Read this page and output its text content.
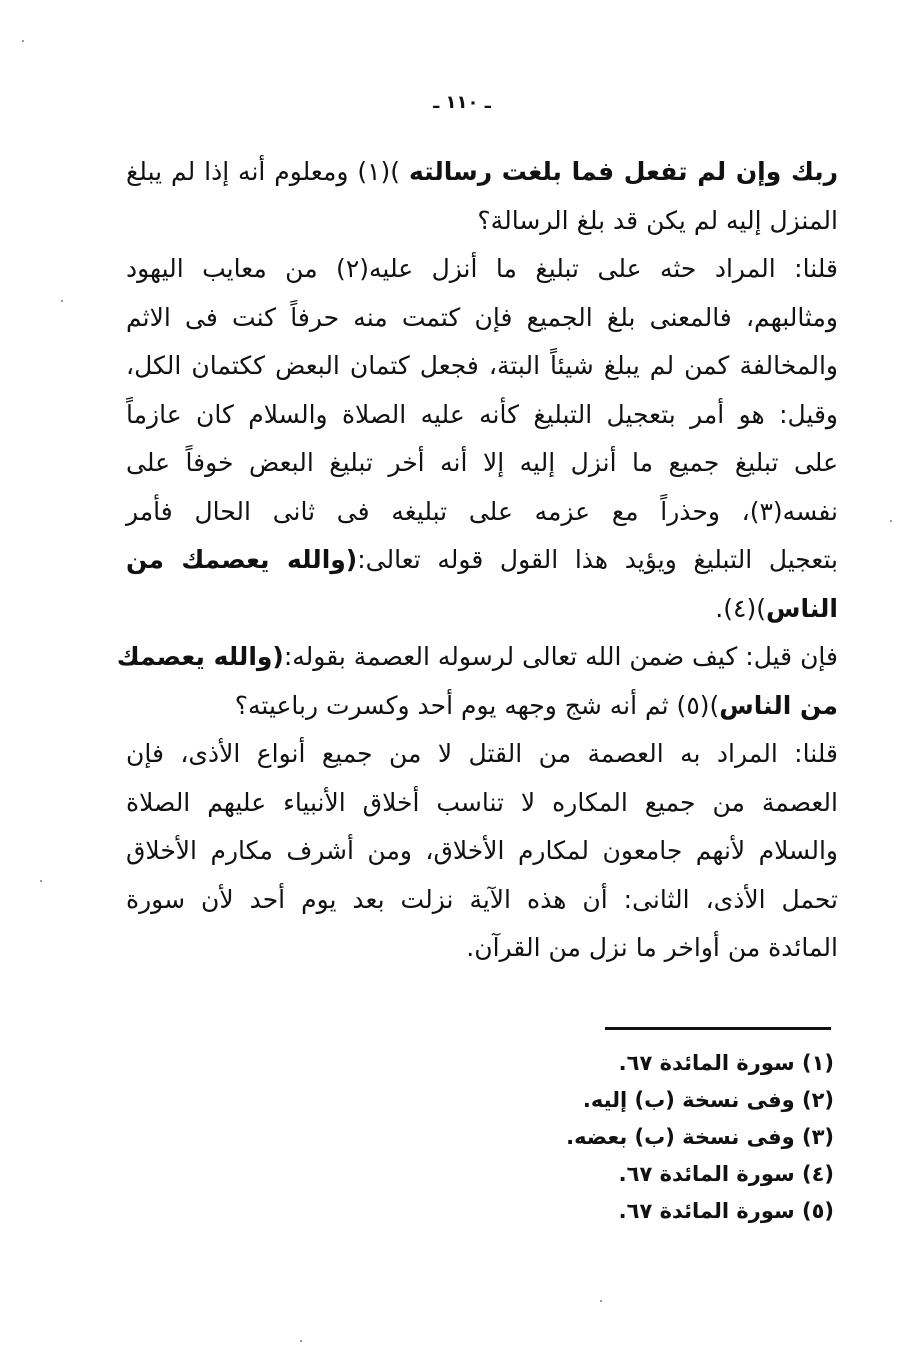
ـ ١١٠ ـ
ربك وإن لم تفعل فما بلغت رسالته )(١) ومعلوم أنه إذا لم يبلغ
المنزل إليه لم يكن قد بلغ الرسالة؟
قلنا: المراد حثه على تبليغ ما أنزل عليه(٢) من معايب اليهود
ومثالبهم، فالمعنى بلغ الجميع فإن كتمت منه حرفاً كنت فى الاثم
والمخالفة كمن لم يبلغ شيئاً البتة، فجعل كتمان البعض ككتمان الكل،
وقيل: هو أمر بتعجيل التبليغ كأنه عليه الصلاة والسلام كان عازماً
على تبليغ جميع ما أنزل إليه إلا أنه أخر تبليغ البعض خوفاً على
نفسه(٣)، وحذراً مع عزمه على تبليغه فى ثانى الحال فأمر
بتعجيل التبليغ ويؤيد هذا القول قوله تعالى:(والله يعصمك من
الناس)(٤).
فإن قيل: كيف ضمن الله تعالى لرسوله العصمة بقوله:(والله يعصمك
من الناس)(٥) ثم أنه شج وجهه يوم أحد وكسرت رباعيته؟
قلنا: المراد به العصمة من القتل لا من جميع أنواع الأذى، فإن
العصمة من جميع المكاره لا تناسب أخلاق الأنبياء عليهم الصلاة
والسلام لأنهم جامعون لمكارم الأخلاق، ومن أشرف مكارم الأخلاق
تحمل الأذى، الثانى: أن هذه الآية نزلت بعد يوم أحد لأن سورة
المائدة من أواخر ما نزل من القرآن.
(١) سورة المائدة ٦٧.
(٢) وفى نسخة (ب) إليه.
(٣) وفى نسخة (ب) بعضه.
(٤) سورة المائدة ٦٧.
(٥) سورة المائدة ٦٧.
